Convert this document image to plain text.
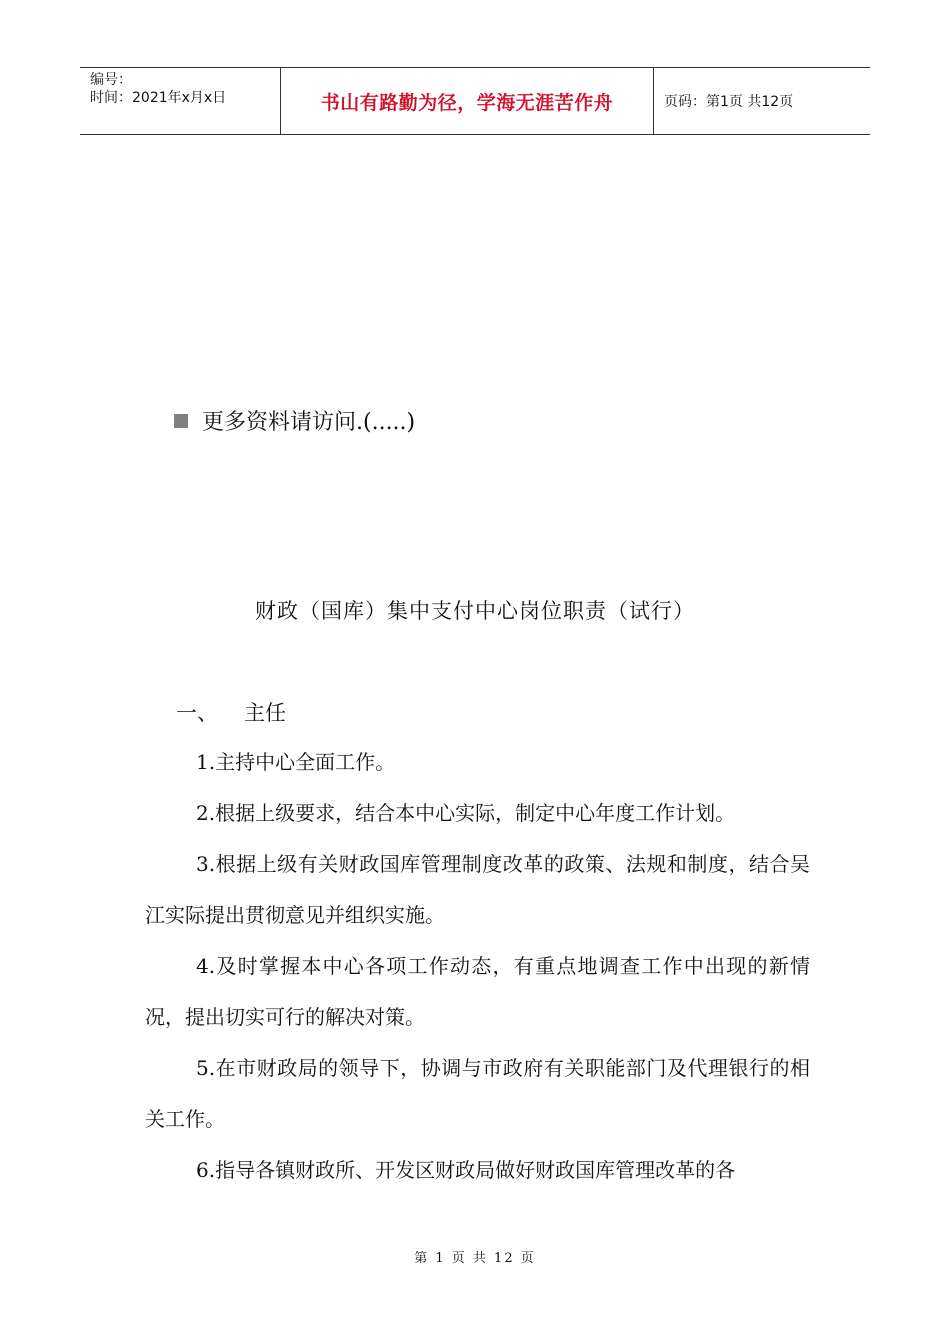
编号：
时间：2021年x月x日	书山有路勤为径，学海无涯苦作舟	页码：第1页 共12页
更多资料请访问.(.....)
财政（国库）集中支付中心岗位职责（试行）
一、 主任

1.主持中心全面工作。

2.根据上级要求，结合本中心实际，制定中心年度工作计划。

3.根据上级有关财政国库管理制度改革的政策、法规和制度，结合吴江实际提出贯彻意见并组织实施。

4.及时掌握本中心各项工作动态，有重点地调查工作中出现的新情况，提出切实可行的解决对策。

5.在市财政局的领导下，协调与市政府有关职能部门及代理银行的相关工作。

6.指导各镇财政所、开发区财政局做好财政国库管理改革的各

第 1 页 共 12 页
